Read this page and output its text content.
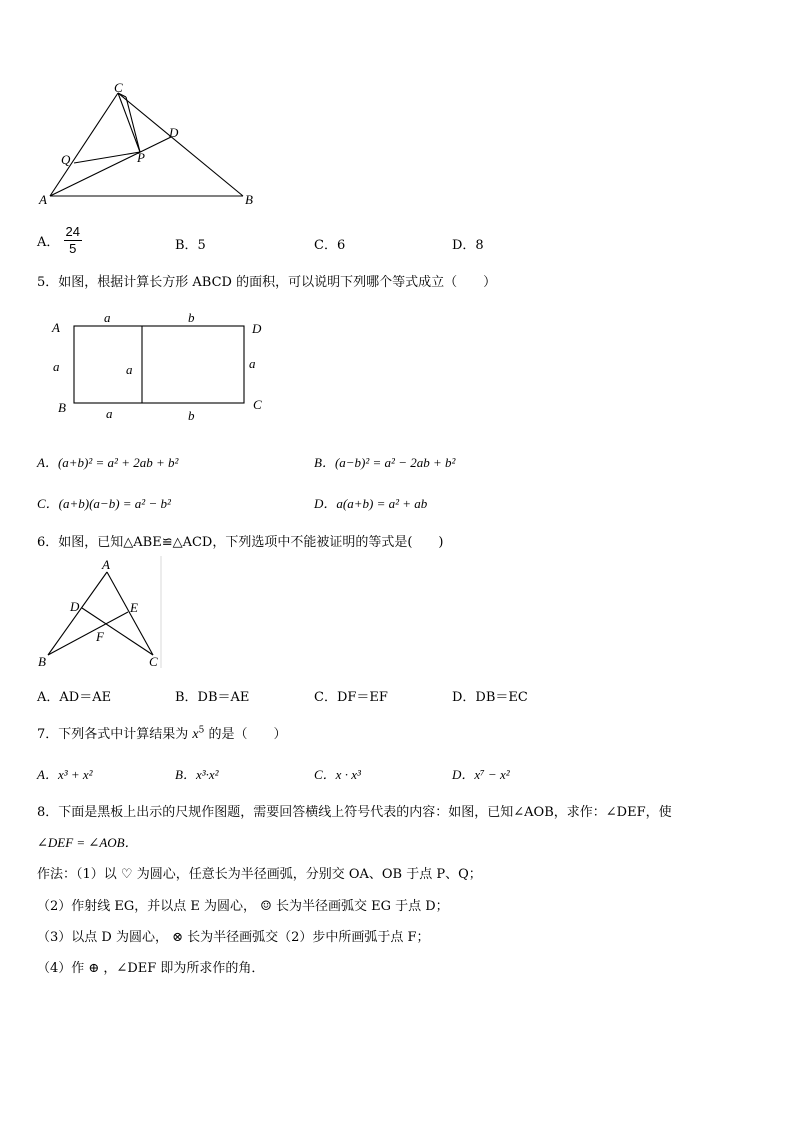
C
D
Q	P
A	B
A． $\frac{24}{5}$	B．5	C．6	D．8
5．如图，根据计算长方形 ABCD 的面积，可以说明下列哪个等式成立（　　）
A	D
B	C
a	b
a	a	a
a	b
A．(a+b)² = a² + 2ab + b²	B．(a−b)² = a² − 2ab + b²
C．(a+b)(a−b) = a² − b²	D．a(a+b) = a² + ab
6．如图，已知△ABE≌△ACD，下列选项中不能被证明的等式是(　　)
A
D	E
F
B	C
A．AD＝AE	B．DB＝AE	C．DF＝EF	D．DB＝EC
7．下列各式中计算结果为 $x^5$ 的是（　　）
A．x³ + x²	B．x³·x²	C．x · x³	D．x⁷ − x²
8．下面是黑板上出示的尺规作图题，需要回答横线上符号代表的内容：如图，已知∠AOB，求作：∠DEF，使
∠DEF = ∠AOB．
作法：（1）以 ♡ 为圆心，任意长为半径画弧，分别交 OA、OB 于点 P、Q；
（2）作射线 EG，并以点 E 为圆心， ☺ 长为半径画弧交 EG 于点 D；
（3）以点 D 为圆心， ⊗ 长为半径画弧交（2）步中所画弧于点 F；
（4）作 ⊕ ，∠DEF 即为所求作的角．
